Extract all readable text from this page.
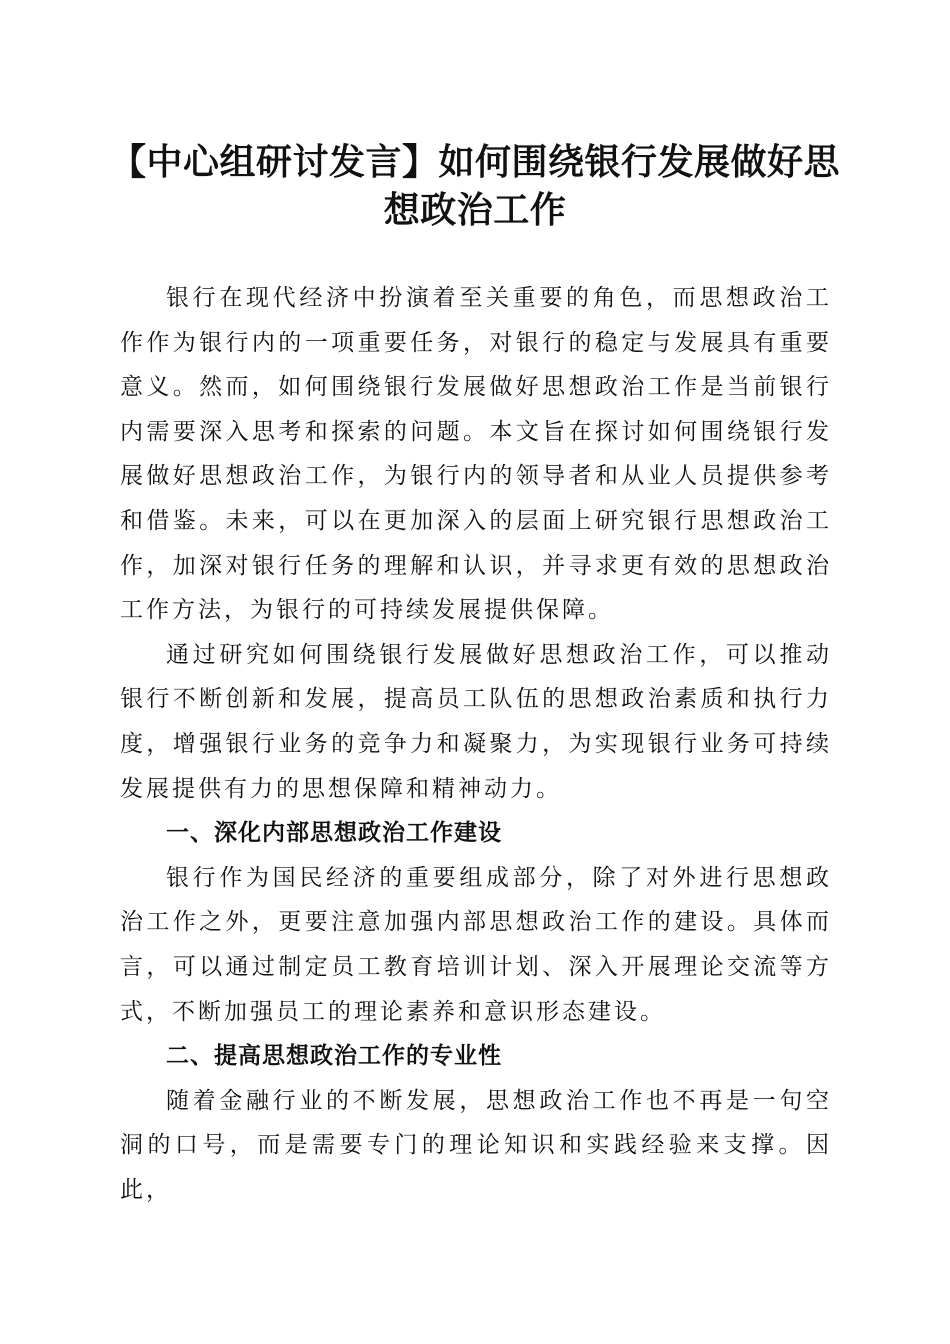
【中心组研讨发言】如何围绕银行发展做好思想政治工作

银行在现代经济中扮演着至关重要的角色，而思想政治工作作为银行内的一项重要任务，对银行的稳定与发展具有重要意义。然而，如何围绕银行发展做好思想政治工作是当前银行内需要深入思考和探索的问题。本文旨在探讨如何围绕银行发展做好思想政治工作，为银行内的领导者和从业人员提供参考和借鉴。未来，可以在更加深入的层面上研究银行思想政治工作，加深对银行任务的理解和认识，并寻求更有效的思想政治工作方法，为银行的可持续发展提供保障。

通过研究如何围绕银行发展做好思想政治工作，可以推动银行不断创新和发展，提高员工队伍的思想政治素质和执行力度，增强银行业务的竞争力和凝聚力，为实现银行业务可持续发展提供有力的思想保障和精神动力。

一、深化内部思想政治工作建设

银行作为国民经济的重要组成部分，除了对外进行思想政治工作之外，更要注意加强内部思想政治工作的建设。具体而言，可以通过制定员工教育培训计划、深入开展理论交流等方式，不断加强员工的理论素养和意识形态建设。

二、提高思想政治工作的专业性

随着金融行业的不断发展，思想政治工作也不再是一句空洞的口号，而是需要专门的理论知识和实践经验来支撑。因此，
